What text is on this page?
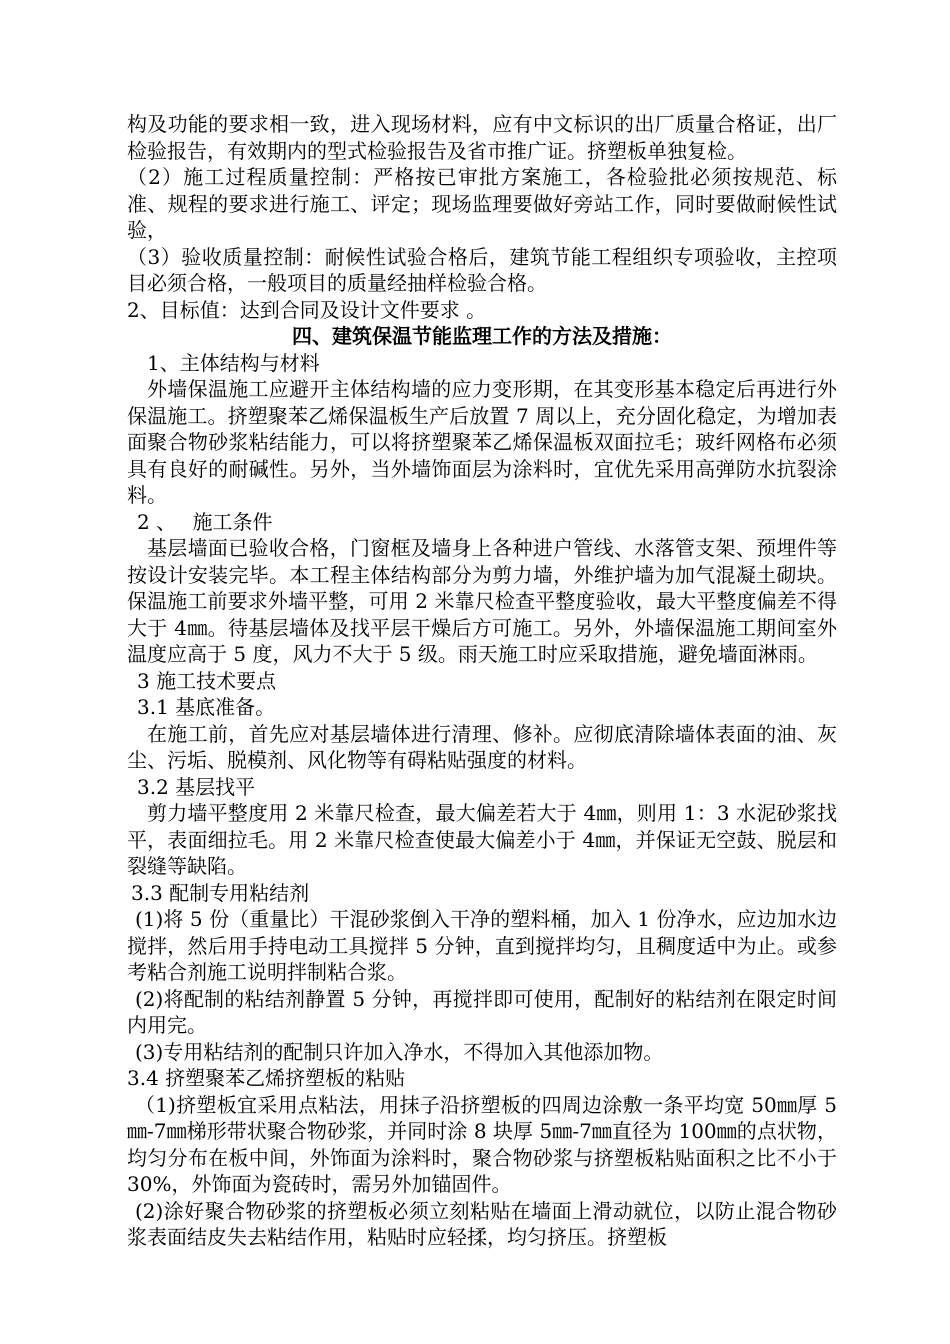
构及功能的要求相一致，进入现场材料，应有中文标识的出厂质量合格证，出厂检验报告，有效期内的型式检验报告及省市推广证。挤塑板单独复检。

（2）施工过程质量控制：严格按已审批方案施工，各检验批必须按规范、标准、规程的要求进行施工、评定；现场监理要做好旁站工作，同时要做耐候性试验，

（3）验收质量控制：耐候性试验合格后，建筑节能工程组织专项验收，主控项目必须合格，一般项目的质量经抽样检验合格。

2、目标值：达到合同及设计文件要求 。

四、建筑保温节能监理工作的方法及措施：

1、主体结构与材料

外墙保温施工应避开主体结构墙的应力变形期，在其变形基本稳定后再进行外保温施工。挤塑聚苯乙烯保温板生产后放置 7 周以上，充分固化稳定，为增加表面聚合物砂浆粘结能力，可以将挤塑聚苯乙烯保温板双面拉毛；玻纤网格布必须具有良好的耐碱性。另外，当外墙饰面层为涂料时，宜优先采用高弹防水抗裂涂料。

2 、　 施工条件

基层墙面已验收合格，门窗框及墙身上各种进户管线、水落管支架、预埋件等按设计安装完毕。本工程主体结构部分为剪力墙，外维护墙为加气混凝土砌块。保温施工前要求外墙平整，可用 2 米靠尺检查平整度验收，最大平整度偏差不得大于 4㎜。待基层墙体及找平层干燥后方可施工。另外，外墙保温施工期间室外温度应高于 5 度，风力不大于 5 级。雨天施工时应采取措施，避免墙面淋雨。

3 施工技术要点

3.1 基底准备。

在施工前，首先应对基层墙体进行清理、修补。应彻底清除墙体表面的油、灰尘、污垢、脱模剂、风化物等有碍粘贴强度的材料。

3.2 基层找平

剪力墙平整度用 2 米靠尺检查，最大偏差若大于 4㎜，则用 1：3 水泥砂浆找平，表面细拉毛。用 2 米靠尺检查使最大偏差小于 4㎜，并保证无空鼓、脱层和裂缝等缺陷。

3.3 配制专用粘结剂

(1)将 5 份（重量比）干混砂浆倒入干净的塑料桶，加入 1 份净水，应边加水边搅拌，然后用手持电动工具搅拌 5 分钟，直到搅拌均匀，且稠度适中为止。或参考粘合剂施工说明拌制粘合浆。

(2)将配制的粘结剂静置 5 分钟，再搅拌即可使用，配制好的粘结剂在限定时间内用完。

(3)专用粘结剂的配制只许加入净水，不得加入其他添加物。

3.4 挤塑聚苯乙烯挤塑板的粘贴

（1)挤塑板宜采用点粘法，用抹子沿挤塑板的四周边涂敷一条平均宽 50㎜厚 5㎜-7㎜梯形带状聚合物砂浆，并同时涂 8 块厚 5㎜-7㎜直径为 100㎜的点状物，均匀分布在板中间，外饰面为涂料时，聚合物砂浆与挤塑板粘贴面积之比不小于 30%，外饰面为瓷砖时，需另外加锚固件。

(2)涂好聚合物砂浆的挤塑板必须立刻粘贴在墙面上滑动就位，以防止混合物砂浆表面结皮失去粘结作用，粘贴时应轻揉，均匀挤压。挤塑板
